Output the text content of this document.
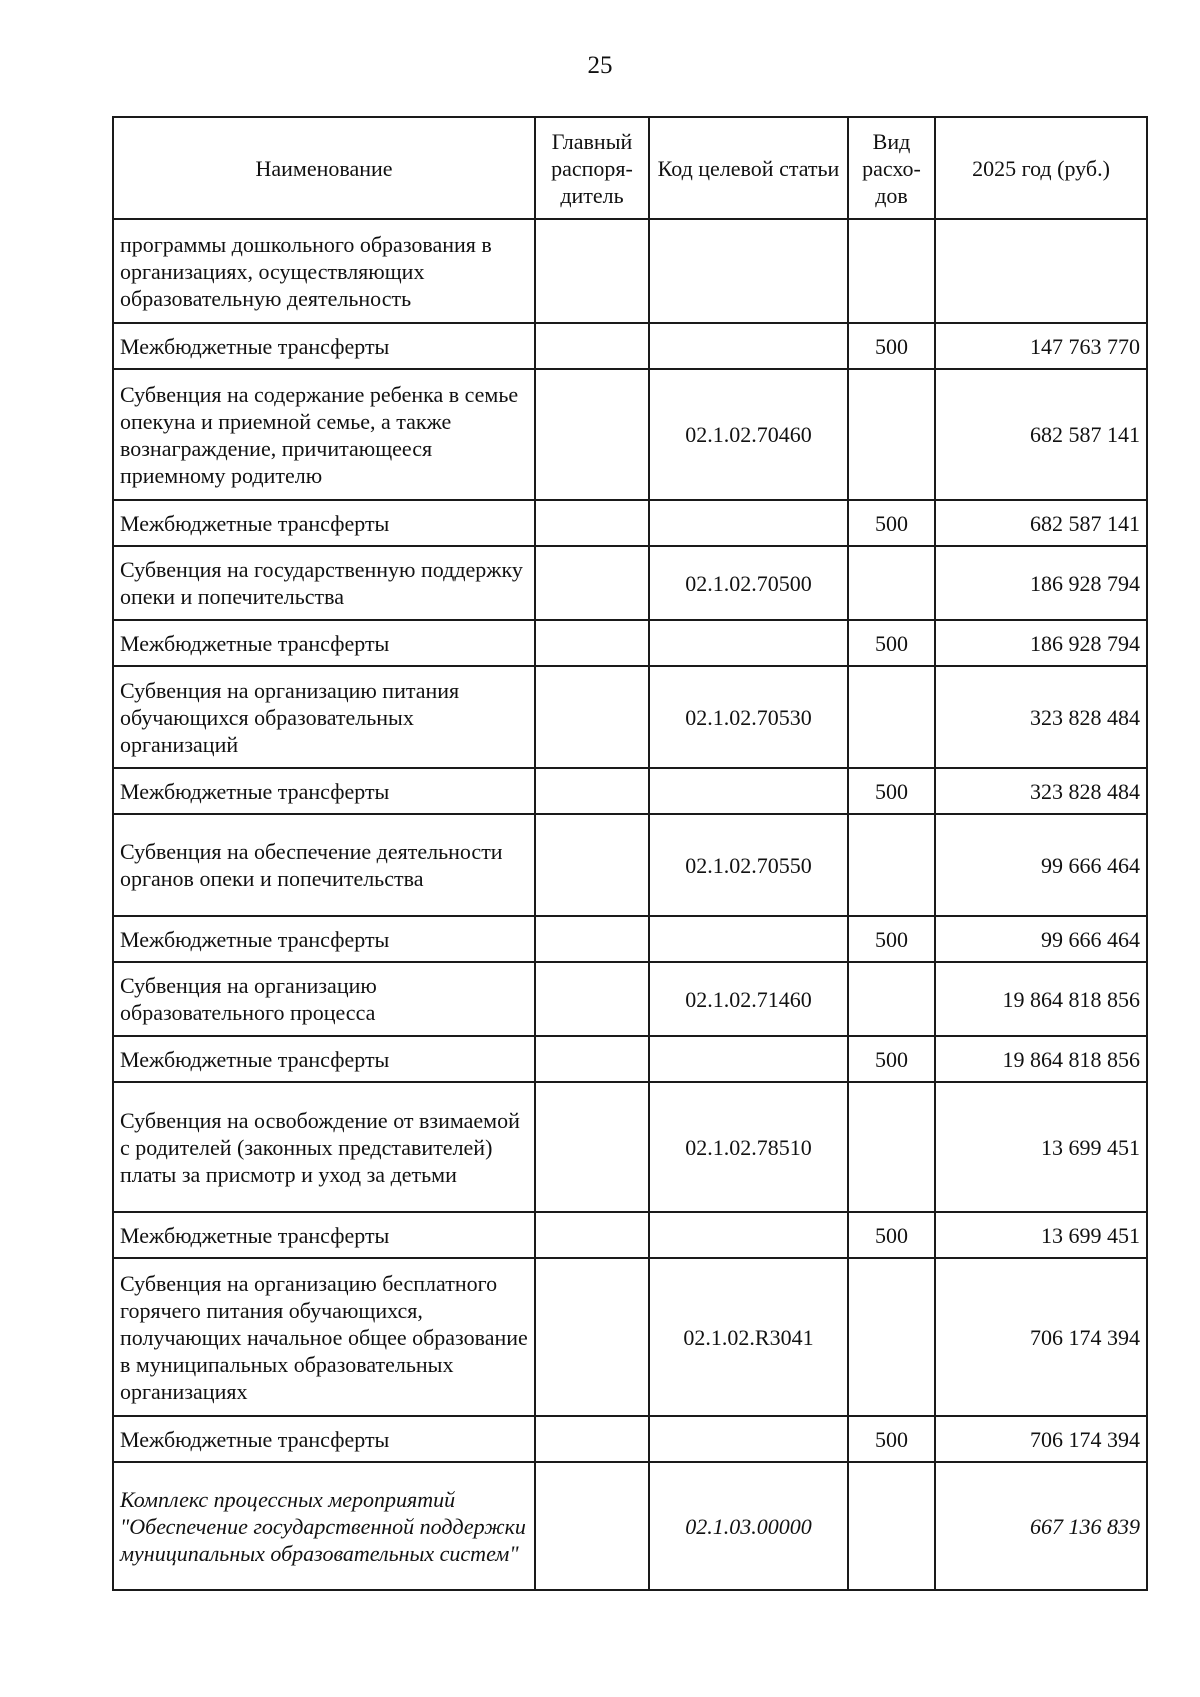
25
Наименование	Главный распоря-дитель	Код целевой статьи	Вид расхо-дов	2025 год (руб.)
программы дошкольного образования в организациях, осуществляющих образовательную деятельность				
Межбюджетные трансферты			500	147 763 770
Субвенция на содержание ребенка в семье опекуна и приемной семье, а также вознаграждение, причитающееся приемному родителю		02.1.02.70460		682 587 141
Межбюджетные трансферты			500	682 587 141
Субвенция на государственную поддержку опеки и попечительства		02.1.02.70500		186 928 794
Межбюджетные трансферты			500	186 928 794
Субвенция на организацию питания обучающихся образовательных организаций		02.1.02.70530		323 828 484
Межбюджетные трансферты			500	323 828 484
Субвенция на обеспечение деятельности органов опеки и попечительства		02.1.02.70550		99 666 464
Межбюджетные трансферты			500	99 666 464
Субвенция на организацию образовательного процесса		02.1.02.71460		19 864 818 856
Межбюджетные трансферты			500	19 864 818 856
Субвенция на освобождение от взимаемой с родителей (законных представителей) платы за присмотр и уход за детьми		02.1.02.78510		13 699 451
Межбюджетные трансферты			500	13 699 451
Субвенция на организацию бесплатного горячего питания обучающихся, получающих начальное общее образование в муниципальных образовательных организациях		02.1.02.R3041		706 174 394
Межбюджетные трансферты			500	706 174 394
Комплекс процессных мероприятий "Обеспечение государственной поддержки муниципальных образовательных систем"		02.1.03.00000		667 136 839
